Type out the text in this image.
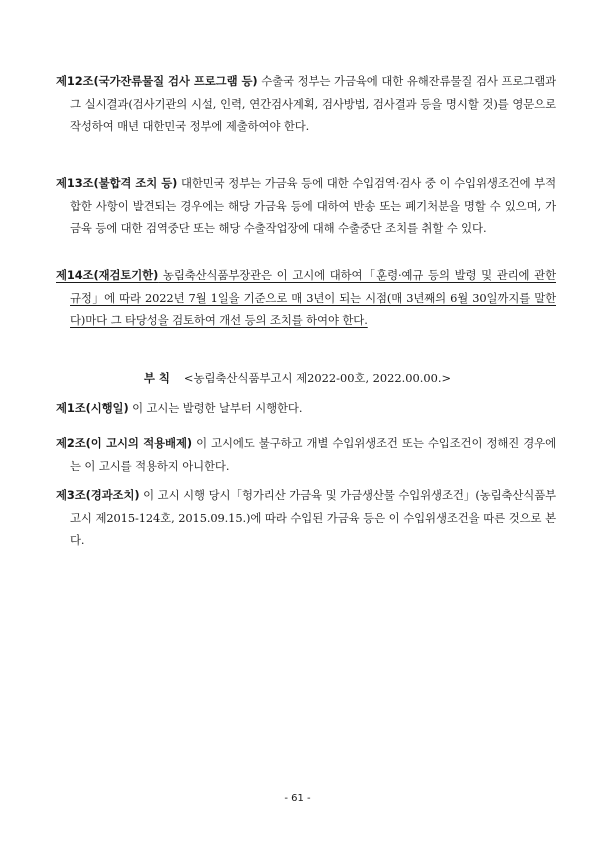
제12조(국가잔류물질 검사 프로그램 등) 수출국 정부는 가금육에 대한 유해잔류물질 검사 프로그램과 그 실시결과(검사기관의 시설, 인력, 연간검사계획, 검사방법, 검사결과 등을 명시할 것)를 영문으로 작성하여 매년 대한민국 정부에 제출하여야 한다.
제13조(불합격 조치 등) 대한민국 정부는 가금육 등에 대한 수입검역·검사 중 이 수입위생조건에 부적합한 사항이 발견되는 경우에는 해당 가금육 등에 대하여 반송 또는 폐기처분을 명할 수 있으며, 가금육 등에 대한 검역중단 또는 해당 수출작업장에 대해 수출중단 조치를 취할 수 있다.
제14조(재검토기한) 농림축산식품부장관은 이 고시에 대하여「훈령·예규 등의 발령 및 관리에 관한 규정」에 따라 2022년 7월 1일을 기준으로 매 3년이 되는 시점(매 3년째의 6월 30일까지를 말한다)마다 그 타당성을 검토하여 개선 등의 조치를 하여야 한다.
부 칙 <농림축산식품부고시 제2022-00호, 2022.00.00.>
제1조(시행일) 이 고시는 발령한 날부터 시행한다.
제2조(이 고시의 적용배제) 이 고시에도 불구하고 개별 수입위생조건 또는 수입조건이 정해진 경우에는 이 고시를 적용하지 아니한다.
제3조(경과조치) 이 고시 시행 당시「헝가리산 가금육 및 가금생산물 수입위생조건」(농림축산식품부 고시 제2015-124호, 2015.09.15.)에 따라 수입된 가금육 등은 이 수입위생조건을 따른 것으로 본다.
- 61 -
